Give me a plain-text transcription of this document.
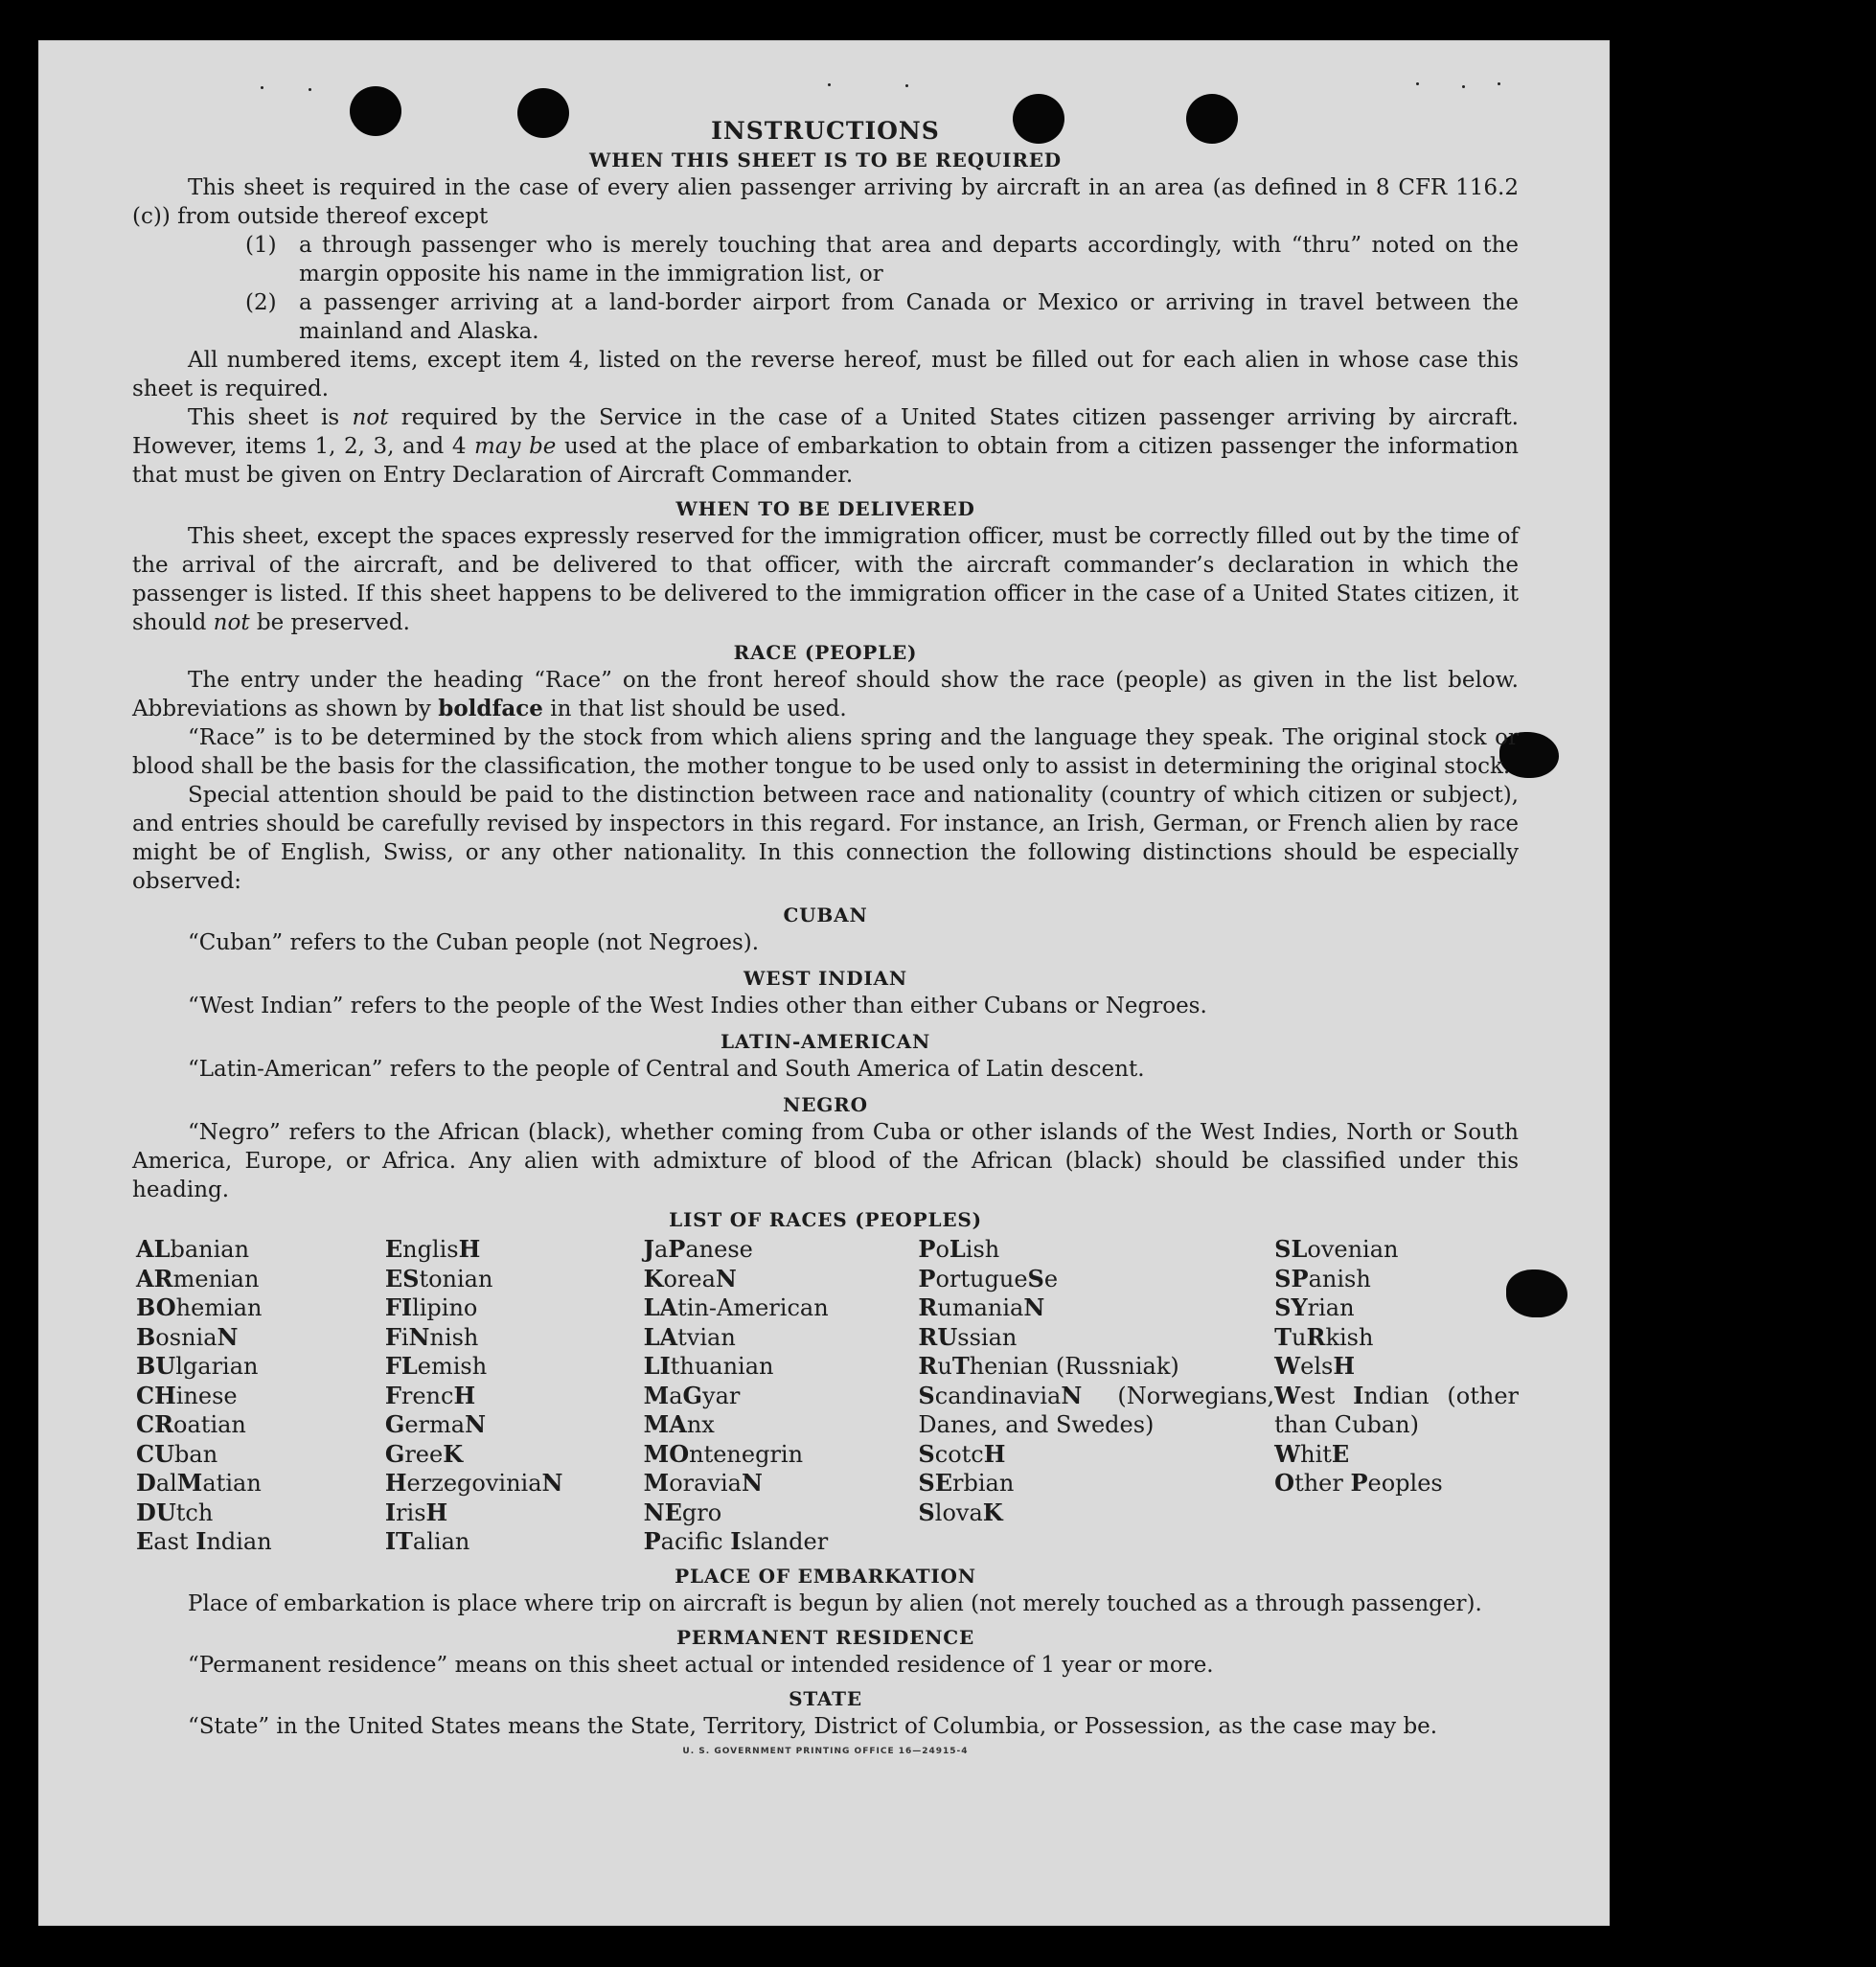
INSTRUCTIONS
WHEN THIS SHEET IS TO BE REQUIRED

This sheet is required in the case of every alien passenger arriving by aircraft in an area (as defined in 8 CFR 116.2 (c)) from outside thereof except

(1)	a through passenger who is merely touching that area and departs accordingly, with “thru” noted on the margin opposite his name in the immigration list, or
(2)	a passenger arriving at a land-border airport from Canada or Mexico or arriving in travel between the mainland and Alaska.

All numbered items, except item 4, listed on the reverse hereof, must be filled out for each alien in whose case this sheet is required.

This sheet is not required by the Service in the case of a United States citizen passenger arriving by aircraft. However, items 1, 2, 3, and 4 may be used at the place of embarkation to obtain from a citizen passenger the information that must be given on Entry Declaration of Aircraft Commander.

WHEN TO BE DELIVERED

This sheet, except the spaces expressly reserved for the immigration officer, must be correctly filled out by the time of the arrival of the aircraft, and be delivered to that officer, with the aircraft commander’s declaration in which the passenger is listed. If this sheet happens to be delivered to the immigration officer in the case of a United States citizen, it should not be preserved.

RACE (PEOPLE)

The entry under the heading “Race” on the front hereof should show the race (people) as given in the list below. Abbreviations as shown by boldface in that list should be used.

“Race” is to be determined by the stock from which aliens spring and the language they speak. The original stock or blood shall be the basis for the classification, the mother tongue to be used only to assist in determining the original stock.

Special attention should be paid to the distinction between race and nationality (country of which citizen or subject), and entries should be carefully revised by inspectors in this regard. For instance, an Irish, German, or French alien by race might be of English, Swiss, or any other nationality. In this connection the following distinctions should be especially observed:

CUBAN

“Cuban” refers to the Cuban people (not Negroes).

WEST INDIAN

“West Indian” refers to the people of the West Indies other than either Cubans or Negroes.

LATIN-AMERICAN

“Latin-American” refers to the people of Central and South America of Latin descent.

NEGRO

“Negro” refers to the African (black), whether coming from Cuba or other islands of the West Indies, North or South America, Europe, or Africa. Any alien with admixture of blood of the African (black) should be classified under this heading.

LIST OF RACES (PEOPLES)
ALbanian
ARmenian
BOhemian
BosniaN
BUlgarian
CHinese
CRoatian
CUban
DalMatian
DUtch
East Indian
EnglisH
EStonian
FIlipino
FiNnish
FLemish
FrencH
GermaN
GreeK
HerzegoviniaN
IrisH
ITalian
JaPanese
KoreaN
LAtin-American
LAtvian
LIthuanian
MaGyar
MAnx
MOntenegrin
MoraviaN
NEgro
Pacific Islander
PoLish
PortugueSe
RumaniaN
RUssian
RuThenian (Russniak)
ScandinaviaN (Norwegians, Danes, and Swedes)
ScotcH
SErbian
SlovaK
SLovenian
SPanish
SYrian
TuRkish
WelsH
West Indian (other than Cuban)
WhitE
Other Peoples
PLACE OF EMBARKATION

Place of embarkation is place where trip on aircraft is begun by alien (not merely touched as a through passenger).

PERMANENT RESIDENCE

“Permanent residence” means on this sheet actual or intended residence of 1 year or more.

STATE

“State” in the United States means the State, Territory, District of Columbia, or Possession, as the case may be.

U. S. GOVERNMENT PRINTING OFFICE 16—24915-4
